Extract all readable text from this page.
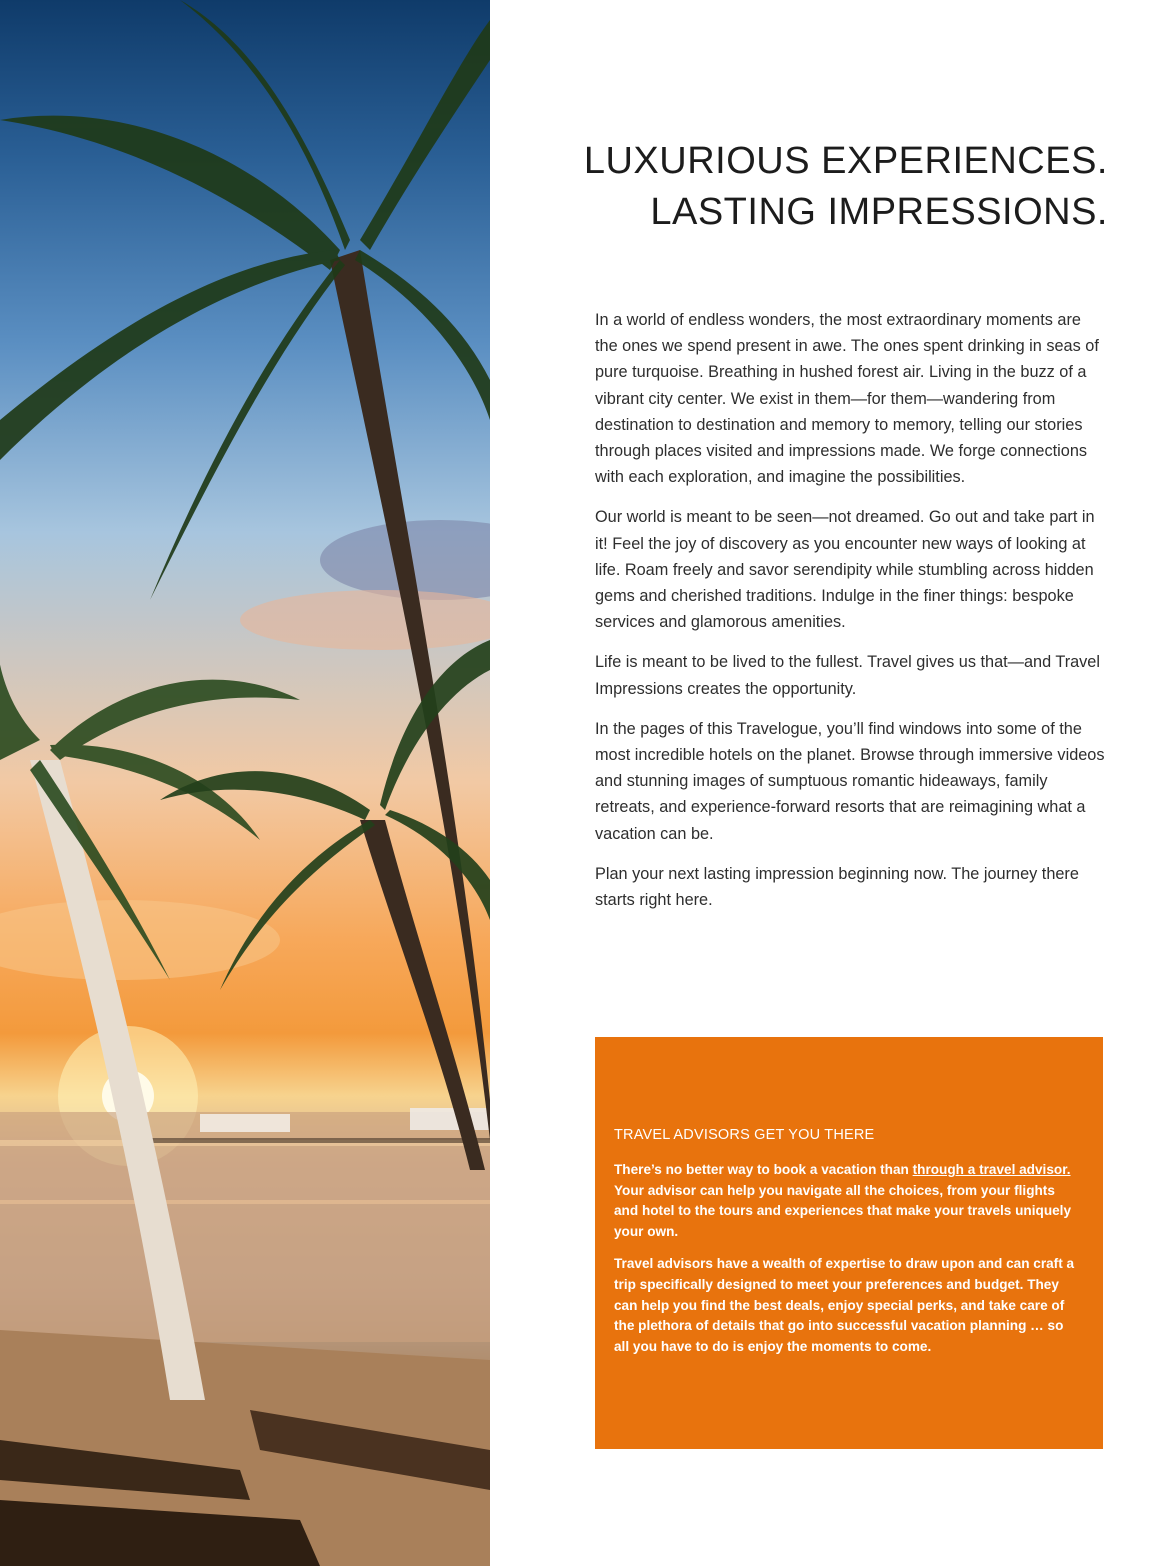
LUXURIOUS EXPERIENCES.
LASTING IMPRESSIONS.

In a world of endless wonders, the most extraordinary moments are the ones we spend present in awe. The ones spent drinking in seas of pure turquoise. Breathing in hushed forest air. Living in the buzz of a vibrant city center. We exist in them—for them—wandering from destination to destination and memory to memory, telling our stories through places visited and impressions made. We forge connections with each exploration, and imagine the possibilities.

Our world is meant to be seen—not dreamed. Go out and take part in it! Feel the joy of discovery as you encounter new ways of looking at life. Roam freely and savor serendipity while stumbling across hidden gems and cherished traditions. Indulge in the finer things: bespoke services and glamorous amenities.

Life is meant to be lived to the fullest. Travel gives us that—and Travel Impressions creates the opportunity.

In the pages of this Travelogue, you’ll find windows into some of the most incredible hotels on the planet. Browse through immersive videos and stunning images of sumptuous romantic hideaways, family retreats, and experience-forward resorts that are reimagining what a vacation can be.

Plan your next lasting impression beginning now. The journey there starts right here.

TRAVEL ADVISORS GET YOU THERE

There’s no better way to book a vacation than through a travel advisor. Your advisor can help you navigate all the choices, from your flights and hotel to the tours and experiences that make your travels uniquely your own.

Travel advisors have a wealth of expertise to draw upon and can craft a trip specifically designed to meet your preferences and budget. They can help you find the best deals, enjoy special perks, and take care of the plethora of details that go into successful vacation planning … so all you have to do is enjoy the moments to come.
